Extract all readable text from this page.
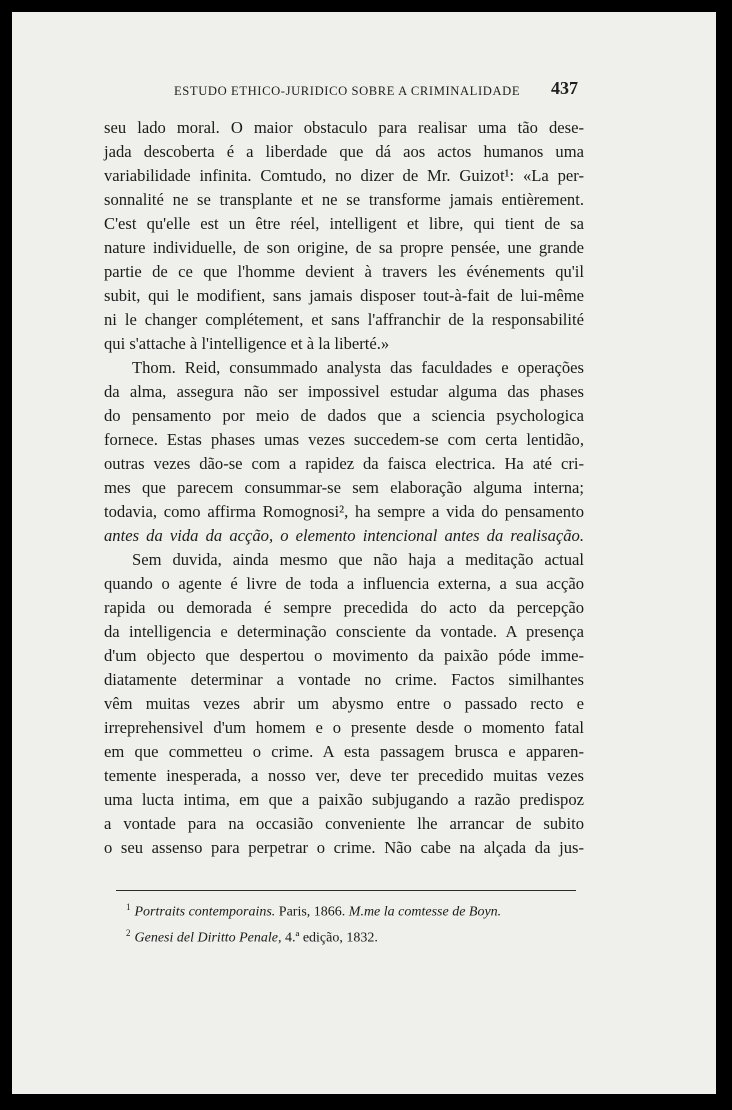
ESTUDO ETHICO-JURIDICO SOBRE A CRIMINALIDADE 437
seu lado moral. O maior obstaculo para realisar uma tão dese-
jada descoberta é a liberdade que dá aos actos humanos uma
variabilidade infinita. Comtudo, no dizer de Mr. Guizot¹: «La per-
sonnalité ne se transplante et ne se transforme jamais entièrement.
C'est qu'elle est un être réel, intelligent et libre, qui tient de sa
nature individuelle, de son origine, de sa propre pensée, une grande
partie de ce que l'homme devient à travers les événements qu'il
subit, qui le modifient, sans jamais disposer tout-à-fait de lui-même
ni le changer complétement, et sans l'affranchir de la responsabilité
qui s'attache à l'intelligence et à la liberté.»
Thom. Reid, consummado analysta das faculdades e operações
da alma, assegura não ser impossivel estudar alguma das phases
do pensamento por meio de dados que a sciencia psychologica
fornece. Estas phases umas vezes succedem-se com certa lentidão,
outras vezes dão-se com a rapidez da faisca electrica. Ha até cri-
mes que parecem consummar-se sem elaboração alguma interna;
todavia, como affirma Romognosi², ha sempre a vida do pensamento
antes da vida da acção, o elemento intencional antes da realisação.
Sem duvida, ainda mesmo que não haja a meditação actual
quando o agente é livre de toda a influencia externa, a sua acção
rapida ou demorada é sempre precedida do acto da percepção
da intelligencia e determinação consciente da vontade. A presença
d'um objecto que despertou o movimento da paixão póde imme-
diatamente determinar a vontade no crime. Factos similhantes
vêm muitas vezes abrir um abysmo entre o passado recto e
irreprehensivel d'um homem e o presente desde o momento fatal
em que commetteu o crime. A esta passagem brusca e apparen-
temente inesperada, a nosso ver, deve ter precedido muitas vezes
uma lucta intima, em que a paixão subjugando a razão predispoz
a vontade para na occasião conveniente lhe arrancar de subito
o seu assenso para perpetrar o crime. Não cabe na alçada da jus-
$^1$ Portraits contemporains. Paris, 1866. M.me la comtesse de Boyn.
$^2$ Genesi del Diritto Penale, 4.ª edição, 1832.
